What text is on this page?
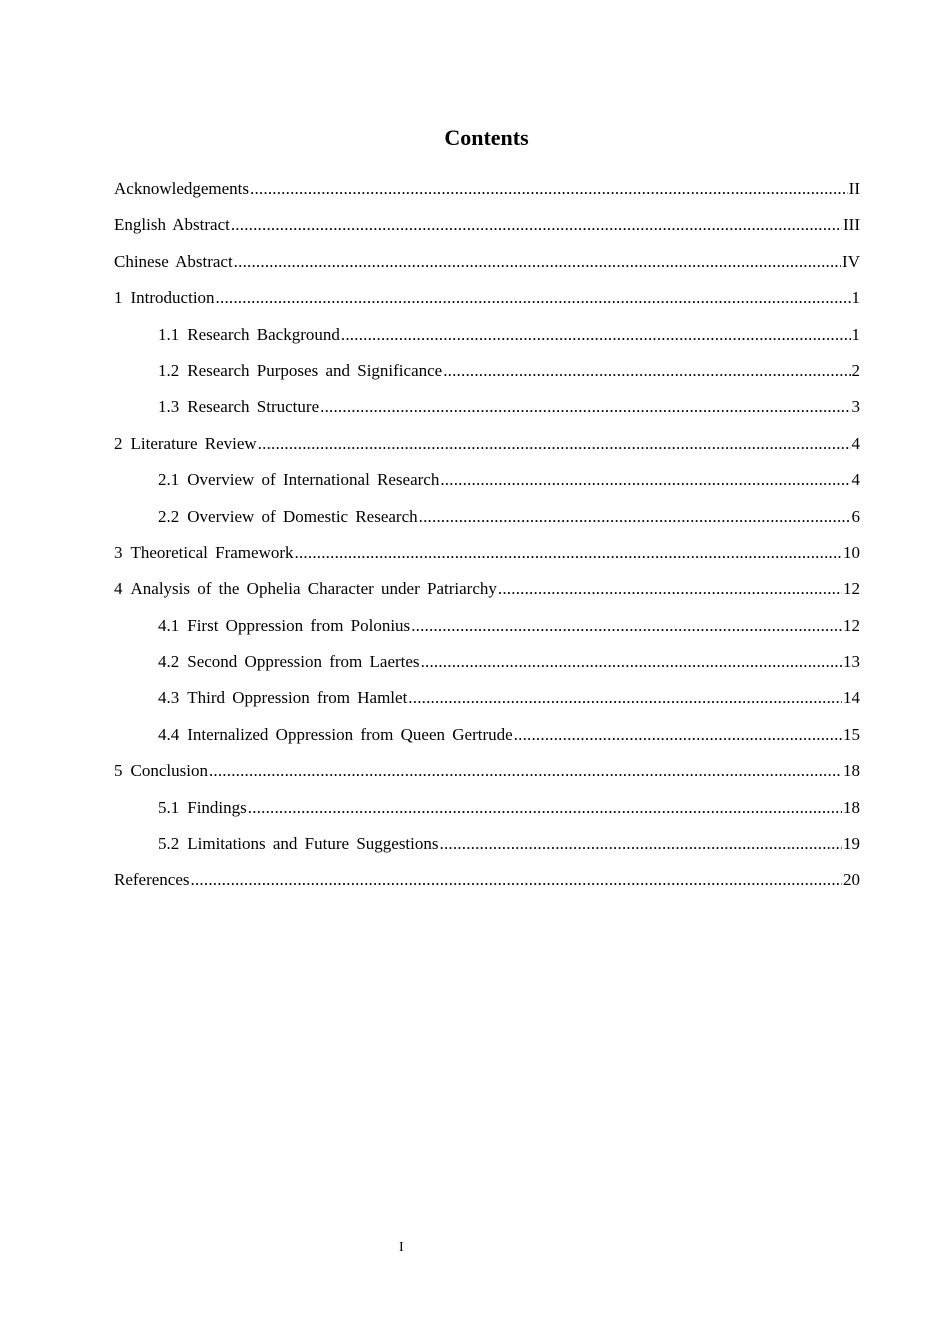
Contents
Acknowledgements .....	II
English Abstract .....	III
Chinese Abstract .....	IV
1 Introduction .....	1
1.1 Research Background .....	1
1.2 Research Purposes and Significance .....	2
1.3 Research Structure .....	3
2 Literature Review .....	4
2.1 Overview of International Research .....	4
2.2 Overview of Domestic Research .....	6
3 Theoretical Framework .....	10
4 Analysis of the Ophelia Character under Patriarchy .....	12
4.1 First Oppression from Polonius .....	12
4.2 Second Oppression from Laertes .....	13
4.3 Third Oppression from Hamlet .....	14
4.4 Internalized Oppression from Queen Gertrude .....	15
5 Conclusion .....	18
5.1 Findings .....	18
5.2 Limitations and Future Suggestions .....	19
References .....	20
I
